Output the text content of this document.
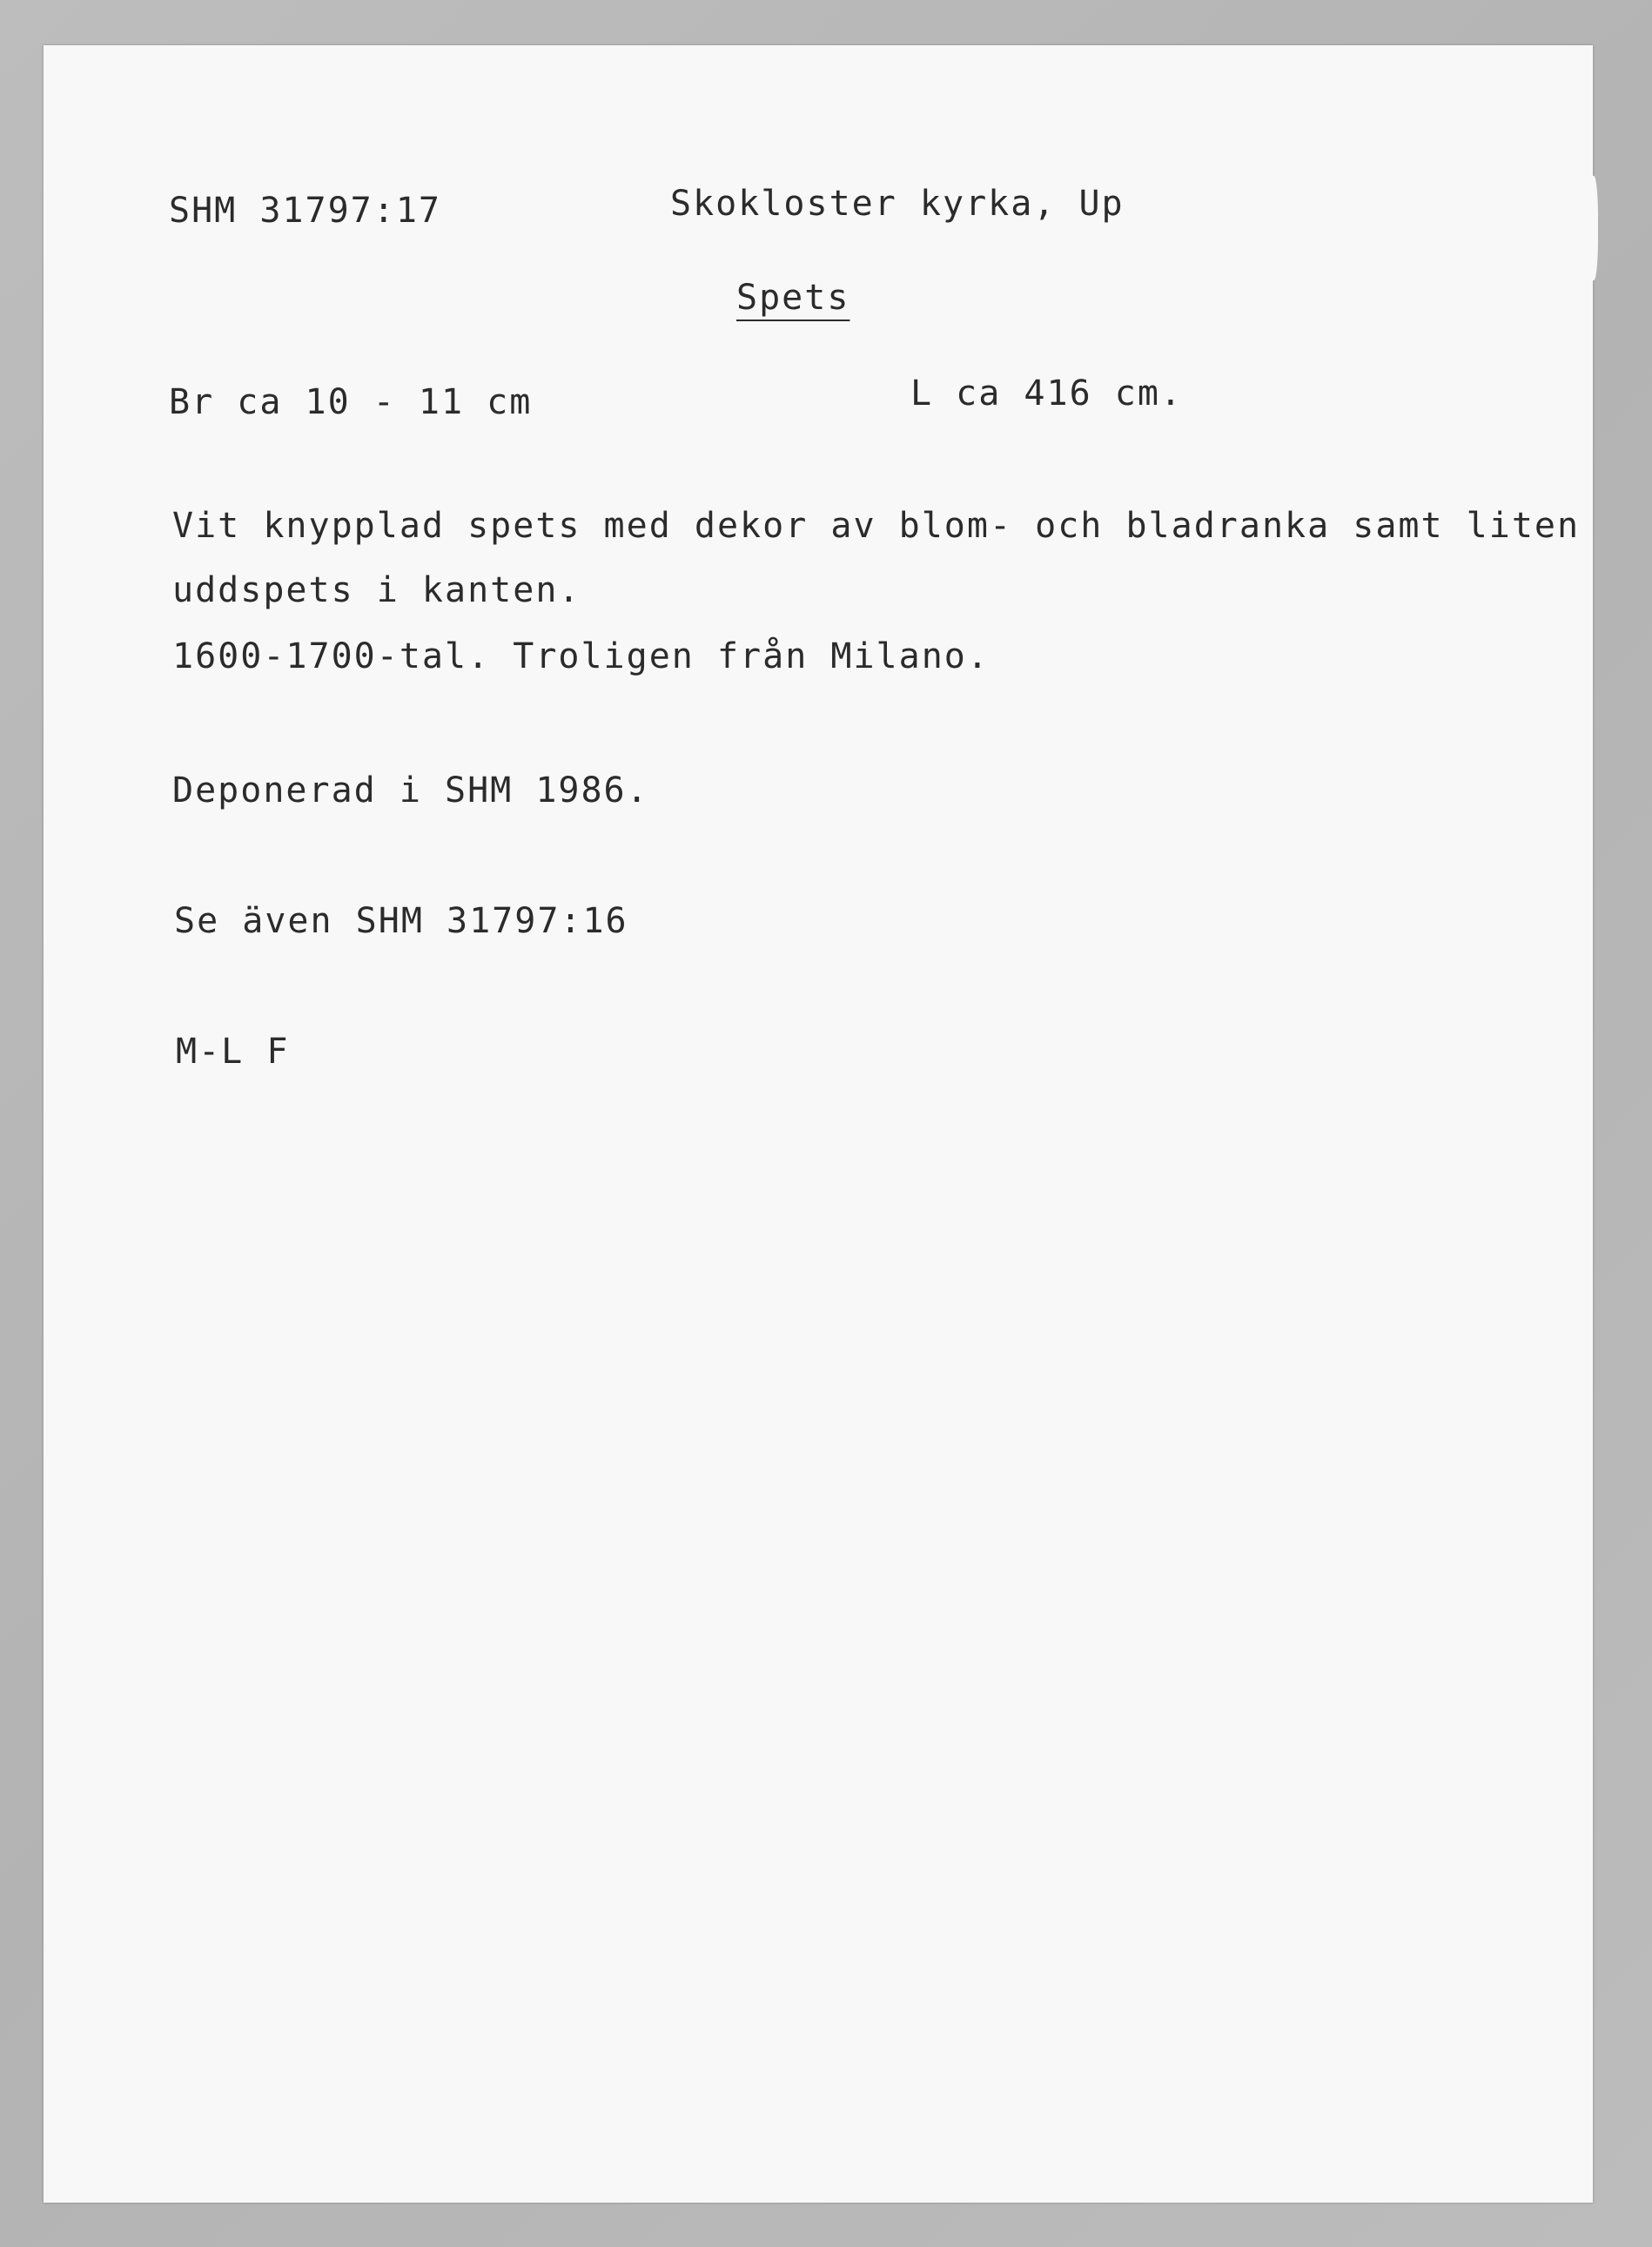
SHM 31797:17	Skokloster kyrka, Up
Spets
Br ca 10 - 11 cm	L ca 416 cm.
Vit knypplad spets med dekor av blom- och bladranka samt liten
uddspets i kanten.
1600-1700-tal. Troligen från Milano.
Deponerad i SHM 1986.
Se även SHM 31797:16
M-L F
